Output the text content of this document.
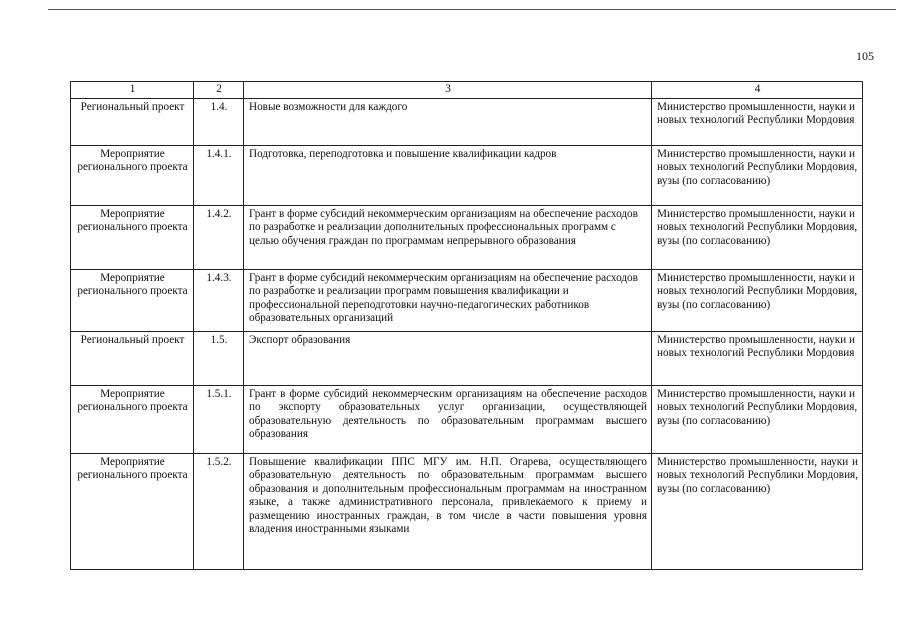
105
1	2	3	4
Региональный проект	1.4.	Новые возможности для каждого	Министерство промышленности, науки и новых технологий Республики Мордовия
Мероприятие регионального проекта	1.4.1.	Подготовка, переподготовка и повышение квалификации кадров	Министерство промышленности, науки и новых технологий Республики Мордовия, вузы (по согласованию)
Мероприятие регионального проекта	1.4.2.	Грант в форме субсидий некоммерческим организациям на обеспечение расходов по разработке и реализации дополнительных профессиональных программ с целью обучения граждан по программам непрерывного образования	Министерство промышленности, науки и новых технологий Республики Мордовия, вузы (по согласованию)
Мероприятие регионального проекта	1.4.3.	Грант в форме субсидий некоммерческим организациям на обеспечение расходов по разработке и реализации программ повышения квалификации и профессиональной переподготовки научно-педагогических работников образовательных организаций	Министерство промышленности, науки и новых технологий Республики Мордовия, вузы (по согласованию)
Региональный проект	1.5.	Экспорт образования	Министерство промышленности, науки и новых технологий Республики Мордовия
Мероприятие регионального проекта	1.5.1.	Грант в форме субсидий некоммерческим организациям на обеспечение расходов по экспорту образовательных услуг организации, осуществляющей образовательную деятельность по образовательным программам высшего образования	Министерство промышленности, науки и новых технологий Республики Мордовия, вузы (по согласованию)
Мероприятие регионального проекта	1.5.2.	Повышение квалификации ППС МГУ им. Н.П. Огарева, осуществляющего образовательную деятельность по образовательным программам высшего образования и дополнительным профессиональным программам на иностранном языке, а также административного персонала, привлекаемого к приему и размещению иностранных граждан, в том числе в части повышения уровня владения иностранными языками	Министерство промышленности, науки и новых технологий Республики Мордовия, вузы (по согласованию)
